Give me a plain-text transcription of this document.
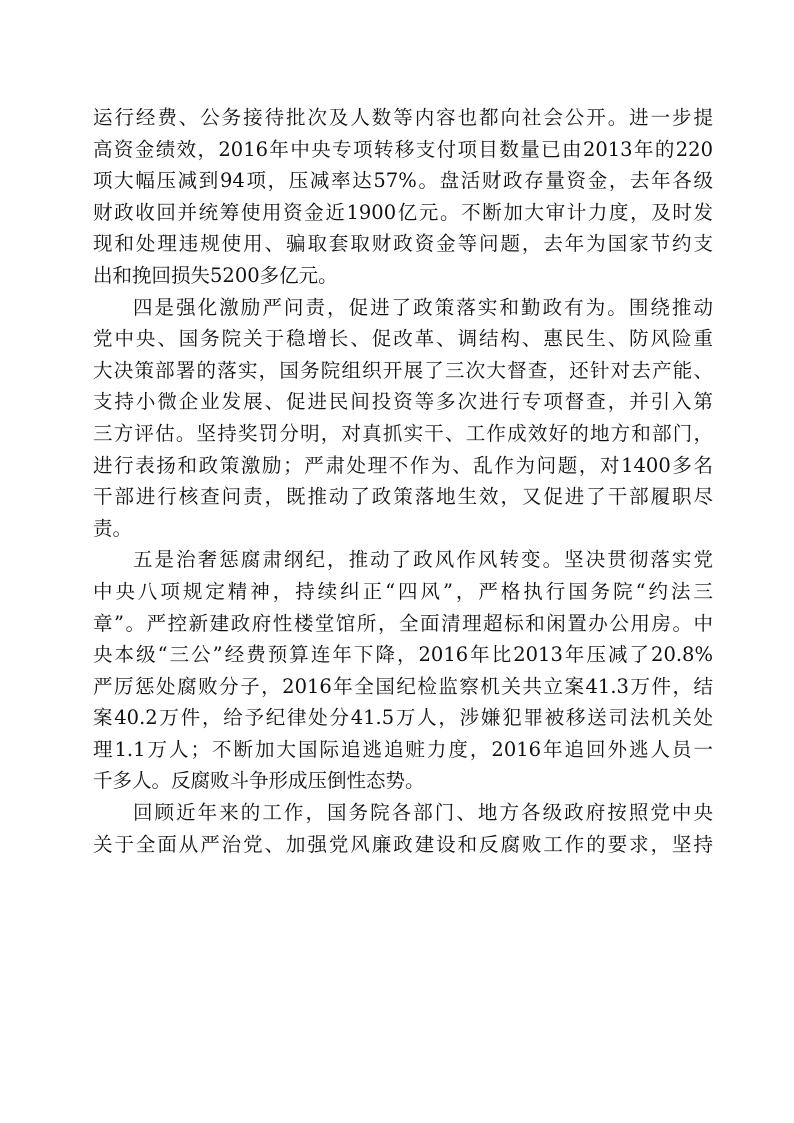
运行经费、公务接待批次及人数等内容也都向社会公开。进一步提
高资金绩效，2016年中央专项转移支付项目数量已由2013年的220
项大幅压减到94项，压减率达57%。盘活财政存量资金，去年各级
财政收回并统筹使用资金近1900亿元。不断加大审计力度，及时发
现和处理违规使用、骗取套取财政资金等问题，去年为国家节约支
出和挽回损失5200多亿元。
四是强化激励严问责，促进了政策落实和勤政有为。围绕推动
党中央、国务院关于稳增长、促改革、调结构、惠民生、防风险重
大决策部署的落实，国务院组织开展了三次大督查，还针对去产能、
支持小微企业发展、促进民间投资等多次进行专项督查，并引入第
三方评估。坚持奖罚分明，对真抓实干、工作成效好的地方和部门，
进行表扬和政策激励；严肃处理不作为、乱作为问题，对1400多名
干部进行核查问责，既推动了政策落地生效，又促进了干部履职尽
责。
五是治奢惩腐肃纲纪，推动了政风作风转变。坚决贯彻落实党
中央八项规定精神，持续纠正“四风”，严格执行国务院“约法三
章”。严控新建政府性楼堂馆所，全面清理超标和闲置办公用房。中
央本级“三公”经费预算连年下降，2016年比2013年压减了20.8%
严厉惩处腐败分子，2016年全国纪检监察机关共立案41.3万件，结
案40.2万件，给予纪律处分41.5万人，涉嫌犯罪被移送司法机关处
理1.1万人；不断加大国际追逃追赃力度，2016年追回外逃人员一
千多人。反腐败斗争形成压倒性态势。
回顾近年来的工作，国务院各部门、地方各级政府按照党中央
关于全面从严治党、加强党风廉政建设和反腐败工作的要求，坚持
